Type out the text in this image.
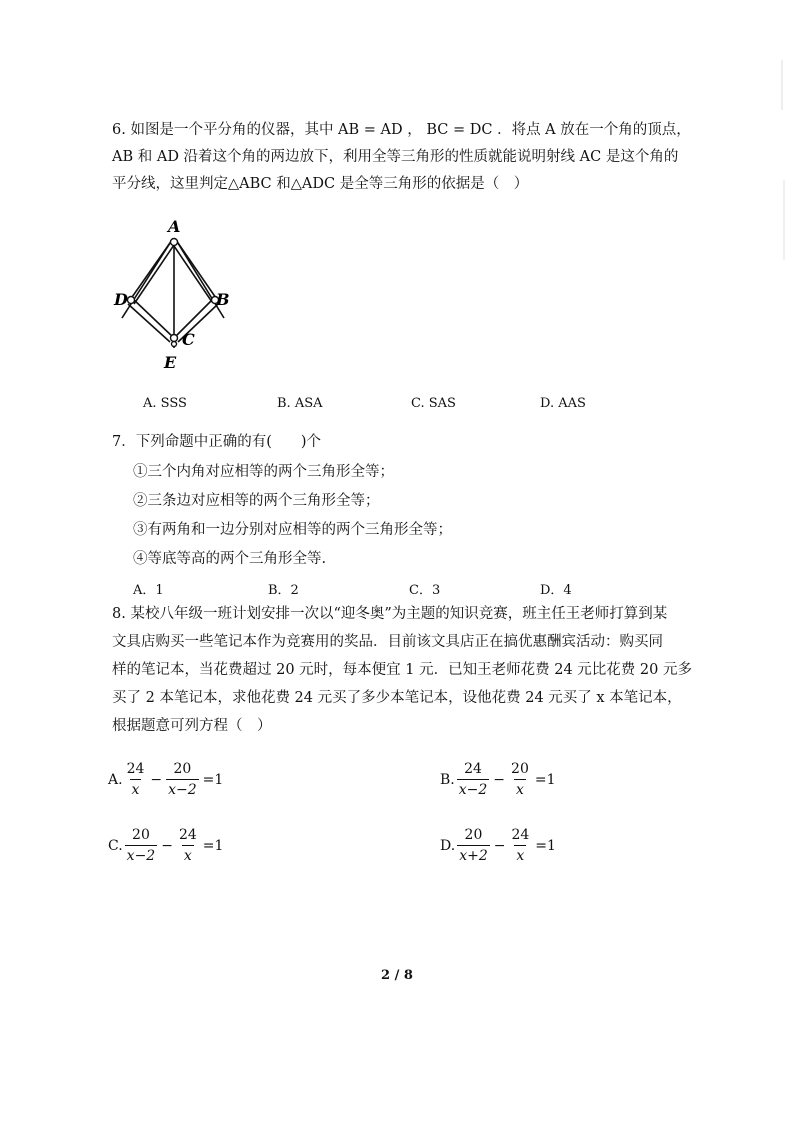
6. 如图是一个平分角的仪器，其中 AB = AD ， BC = DC ．将点 A 放在一个角的顶点，
AB 和 AD 沿着这个角的两边放下，利用全等三角形的性质就能说明射线 AC 是这个角的
平分线，这里判定△ABC 和△ADC 是全等三角形的依据是（　）
A
D	B
C
E
A. SSS	B. ASA	C. SAS	D. AAS
7．下列命题中正确的有(　　)个
①三个内角对应相等的两个三角形全等；
②三条边对应相等的两个三角形全等；
③有两角和一边分别对应相等的两个三角形全等；
④等底等高的两个三角形全等.
A．1	B．2	C．3	D．4
8. 某校八年级一班计划安排一次以“迎冬奥”为主题的知识竞赛，班主任王老师打算到某
文具店购买一些笔记本作为竞赛用的奖品．目前该文具店正在搞优惠酬宾活动：购买同
样的笔记本，当花费超过 20 元时，每本便宜 1 元．已知王老师花费 24 元比花费 20 元多
买了 2 本笔记本，求他花费 24 元买了多少本笔记本，设他花费 24 元买了 x 本笔记本，
根据题意可列方程（　）
A. $\frac{24}{x} - \frac{20}{x-2} =1$	B. $\frac{24}{x-2} - \frac{20}{x} =1$
C. $\frac{20}{x-2} - \frac{24}{x} =1$	D. $\frac{20}{x+2} - \frac{24}{x} =1$
2 / 8
